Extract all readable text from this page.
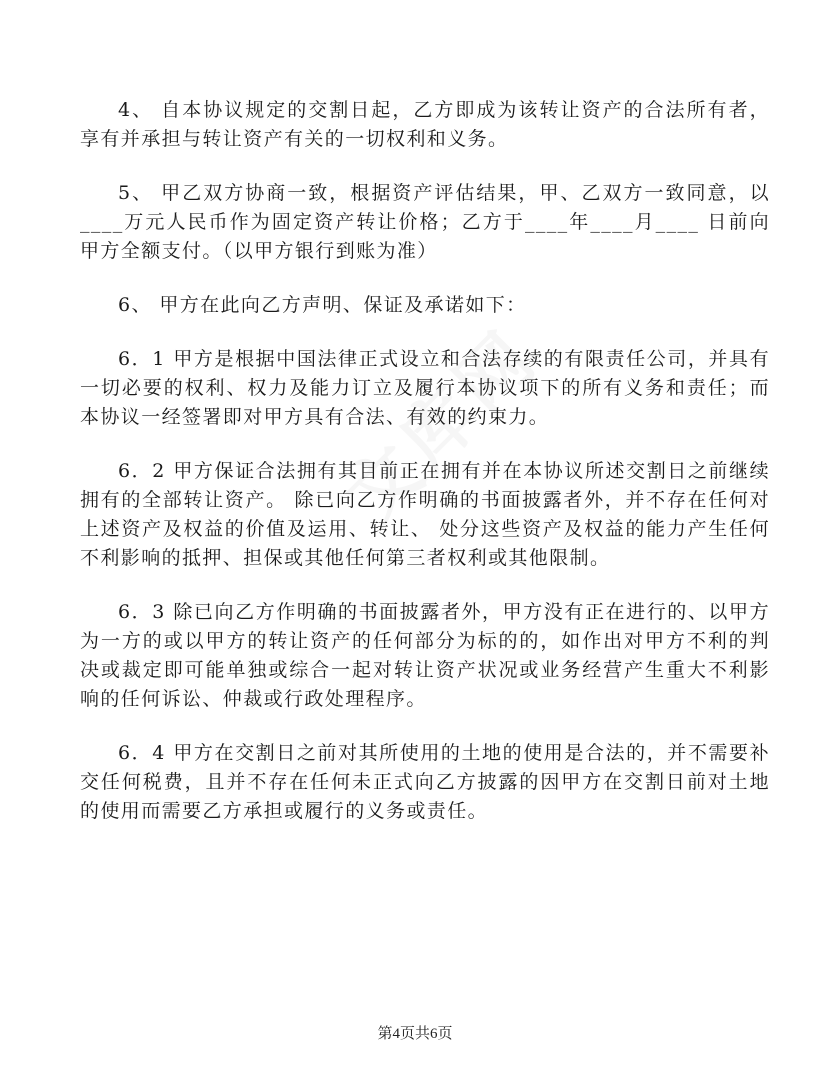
4、 自本协议规定的交割日起，乙方即成为该转让资产的合法所有者，享有并承担与转让资产有关的一切权利和义务。

5、 甲乙双方协商一致，根据资产评估结果，甲、乙双方一致同意，以____万元人民币作为固定资产转让价格；乙方于____年____月____ 日前向甲方全额支付。（以甲方银行到账为准）

6、 甲方在此向乙方声明、保证及承诺如下：

6．1 甲方是根据中国法律正式设立和合法存续的有限责任公司，并具有一切必要的权利、权力及能力订立及履行本协议项下的所有义务和责任；而本协议一经签署即对甲方具有合法、有效的约束力。

6．2 甲方保证合法拥有其目前正在拥有并在本协议所述交割日之前继续拥有的全部转让资产。 除已向乙方作明确的书面披露者外，并不存在任何对上述资产及权益的价值及运用、转让、 处分这些资产及权益的能力产生任何不利影响的抵押、担保或其他任何第三者权利或其他限制。

6．3 除已向乙方作明确的书面披露者外，甲方没有正在进行的、以甲方为一方的或以甲方的转让资产的任何部分为标的的，如作出对甲方不利的判决或裁定即可能单独或综合一起对转让资产状况或业务经营产生重大不利影响的任何诉讼、仲裁或行政处理程序。

6．4 甲方在交割日之前对其所使用的土地的使用是合法的，并不需要补交任何税费，且并不存在任何未正式向乙方披露的因甲方在交割日前对土地的使用而需要乙方承担或履行的义务或责任。

第4页共6页
